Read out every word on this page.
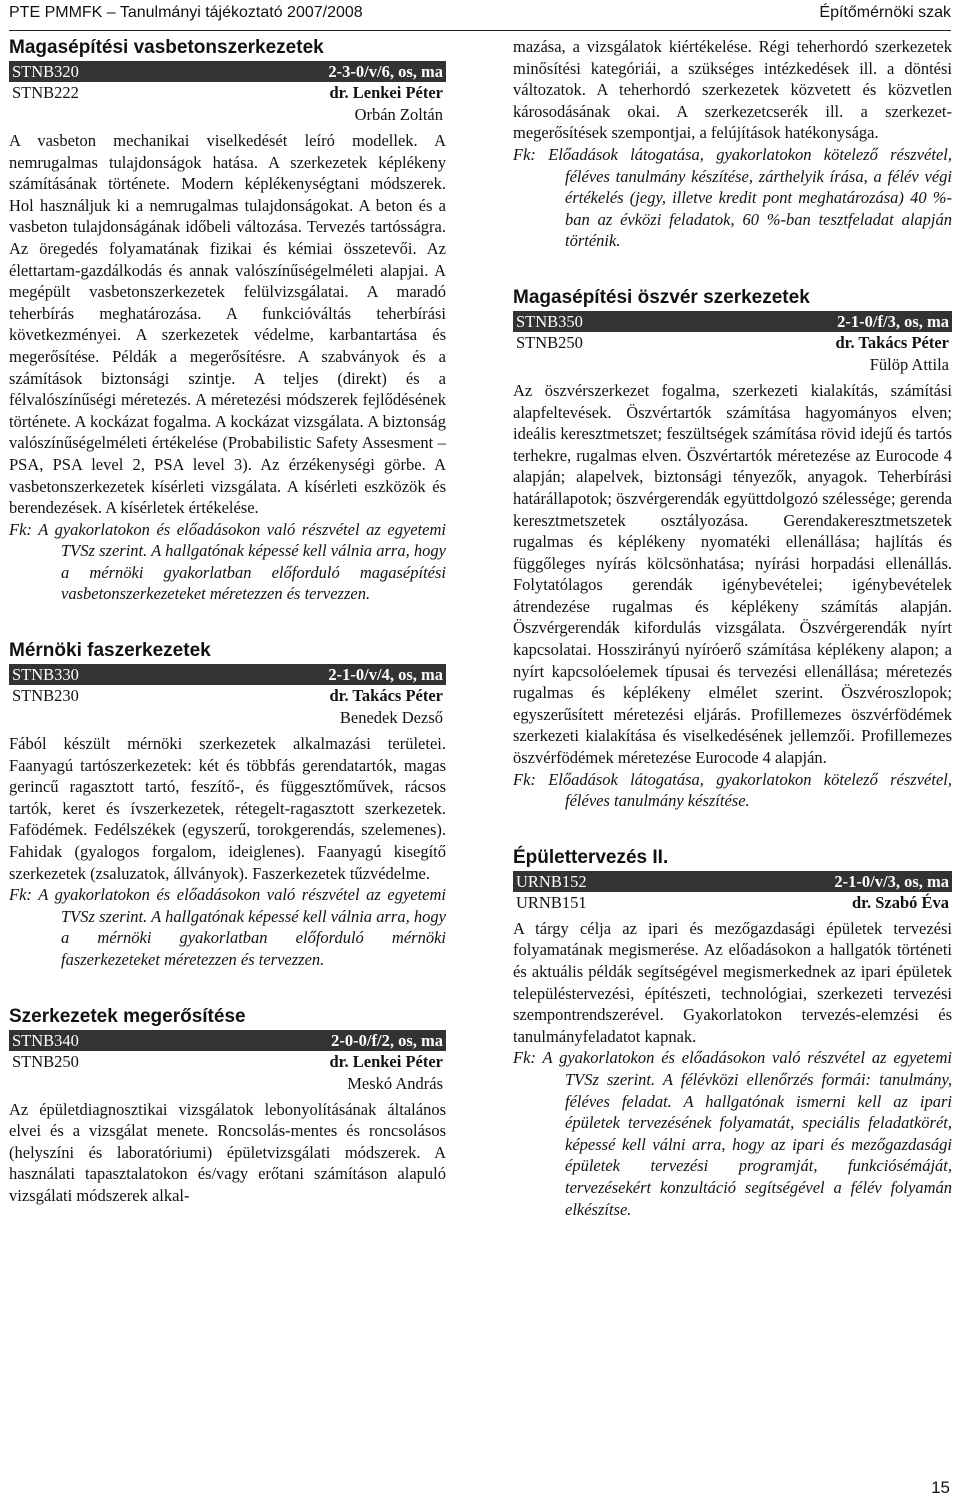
PTE PMMFK – Tanulmányi tájékoztató 2007/2008	Építőmérnöki szak
Magasépítési vasbetonszerkezetek
STNB320	2-3-0/v/6, os, ma
STNB222	dr. Lenkei Péter
Orbán Zoltán

A vasbeton mechanikai viselkedését leíró modellek. A nemrugalmas tulajdonságok hatása. A szerkezetek képlékeny számításának története. Modern képlékenységtani módszerek. Hol használjuk ki a nemrugalmas tulajdonságokat. A beton és a vasbeton tulajdonságának időbeli változása. Tervezés tartósságra. Az öregedés folyamatának fizikai és kémiai összetevői. Az élettartam-gazdálkodás és annak valószínűségelméleti alapjai. A megépült vasbetonszerkezetek felülvizsgálatai. A maradó teherbírás meghatározása. A funkcióváltás teherbírási következményei. A szerkezetek védelme, karbantartása és megerősítése. Példák a megerősítésre. A szabványok és a számítások biztonsági szintje. A teljes (direkt) és a félvalószínűségi méretezés. A méretezési módszerek fejlődésének története. A kockázat fogalma. A kockázat vizsgálata. A biztonság valószínűségelméleti értékelése (Probabilistic Safety Assesment – PSA, PSA level 2, PSA level 3). Az érzékenységi görbe. A vasbetonszerkezetek kísérleti vizsgálata. A kísérleti eszközök és berendezések. A kísérletek értékelése.

Fk: A gyakorlatokon és előadásokon való részvétel az egyetemi TVSz szerint. A hallgatónak képessé kell válnia arra, hogy a mérnöki gyakorlatban előforduló magasépítési vasbetonszerkezeteket méretezzen és tervezzen.

Mérnöki faszerkezetek
STNB330	2-1-0/v/4, os, ma
STNB230	dr. Takács Péter
Benedek Dezső

Fából készült mérnöki szerkezetek alkalmazási területei. Faanyagú tartószerkezetek: két és többfás gerendatartók, magas gerincű ragasztott tartó, feszítő-, és függesztőművek, rácsos tartók, keret és ívszerkezetek, rétegelt-ragasztott szerkezetek. Fafödémek. Fedélszékek (egyszerű, torokgerendás, szelemenes). Fahidak (gyalogos forgalom, ideiglenes). Faanyagú kisegítő szerkezetek (zsaluzatok, állványok). Faszerkezetek tűzvédelme.

Fk: A gyakorlatokon és előadásokon való részvétel az egyetemi TVSz szerint. A hallgatónak képessé kell válnia arra, hogy a mérnöki gyakorlatban előforduló mérnöki faszerkezeteket méretezzen és tervezzen.

Szerkezetek megerősítése
STNB340	2-0-0/f/2, os, ma
STNB250	dr. Lenkei Péter
Meskó András

Az épületdiagnosztikai vizsgálatok lebonyolításának általános elvei és a vizsgálat menete. Roncsolás-mentes és roncsolásos (helyszíni és laboratóriumi) épületvizsgálati módszerek. A használati tapasztalatokon és/vagy erőtani számításon alapuló vizsgálati módszerek alkal-

mazása, a vizsgálatok kiértékelése. Régi teherhordó szerkezetek minősítési kategóriái, a szükséges intézkedések ill. a döntési változatok. A teherhordó szerkezetek közvetett és közvetlen károsodásának okai. A szerkezetcserék ill. a szerkezet-megerősítések szempontjai, a felújítások hatékonysága.

Fk: Előadások látogatása, gyakorlatokon kötelező részvétel, féléves tanulmány készítése, zárthelyik írása, a félév végi értékelés (jegy, illetve kredit pont meghatározása) 40 %-ban az évközi feladatok, 60 %-ban tesztfeladat alapján történik.

Magasépítési öszvér szerkezetek
STNB350	2-1-0/f/3, os, ma
STNB250	dr. Takács Péter
Fülöp Attila

Az öszvérszerkezet fogalma, szerkezeti kialakítás, számítási alapfeltevések. Öszvértartók számítása hagyományos elven; ideális keresztmetszet; feszültségek számítása rövid idejű és tartós terhekre, rugalmas elven. Öszvértartók méretezése az Eurocode 4 alapján; alapelvek, biztonsági tényezők, anyagok. Teherbírási határállapotok; öszvérgerendák együttdolgozó szélessége; gerenda keresztmetszetek osztályozása. Gerendakeresztmetszetek rugalmas és képlékeny nyomatéki ellenállása; hajlítás és függőleges nyírás kölcsönhatása; nyírási horpadási ellenállás. Folytatólagos gerendák igénybevételei; igénybevételek átrendezése rugalmas és képlékeny számítás alapján. Öszvérgerendák kifordulás vizsgálata. Öszvérgerendák nyírt kapcsolatai. Hosszirányú nyíróerő számítása képlékeny alapon; a nyírt kapcsolóelemek típusai és tervezési ellenállása; méretezés rugalmas és képlékeny elmélet szerint. Öszvéroszlopok; egyszerűsített méretezési eljárás. Profillemezes öszvérfödémek szerkezeti kialakítása és viselkedésének jellemzői. Profillemezes öszvérfödémek méretezése Eurocode 4 alapján.

Fk: Előadások látogatása, gyakorlatokon kötelező részvétel, féléves tanulmány készítése.

Épülettervezés II.
URNB152	2-1-0/v/3, os, ma
URNB151	dr. Szabó Éva

A tárgy célja az ipari és mezőgazdasági épületek tervezési folyamatának megismerése. Az előadásokon a hallgatók történeti és aktuális példák segítségével megismerkednek az ipari épületek településtervezési, építészeti, technológiai, szerkezeti tervezési szempontrendszerével. Gyakorlatokon tervezés-elemzési és tanulmányfeladatot kapnak.

Fk: A gyakorlatokon és előadásokon való részvétel az egyetemi TVSz szerint. A félévközi ellenőrzés formái: tanulmány, féléves feladat. A hallgatónak ismerni kell az ipari épületek tervezésének folyamatát, speciális feladatkörét, képessé kell válni arra, hogy az ipari és mezőgazdasági épületek tervezési programját, funkciósémáját, tervezésekért konzultáció segítségével a félév folyamán elkészítse.

15
